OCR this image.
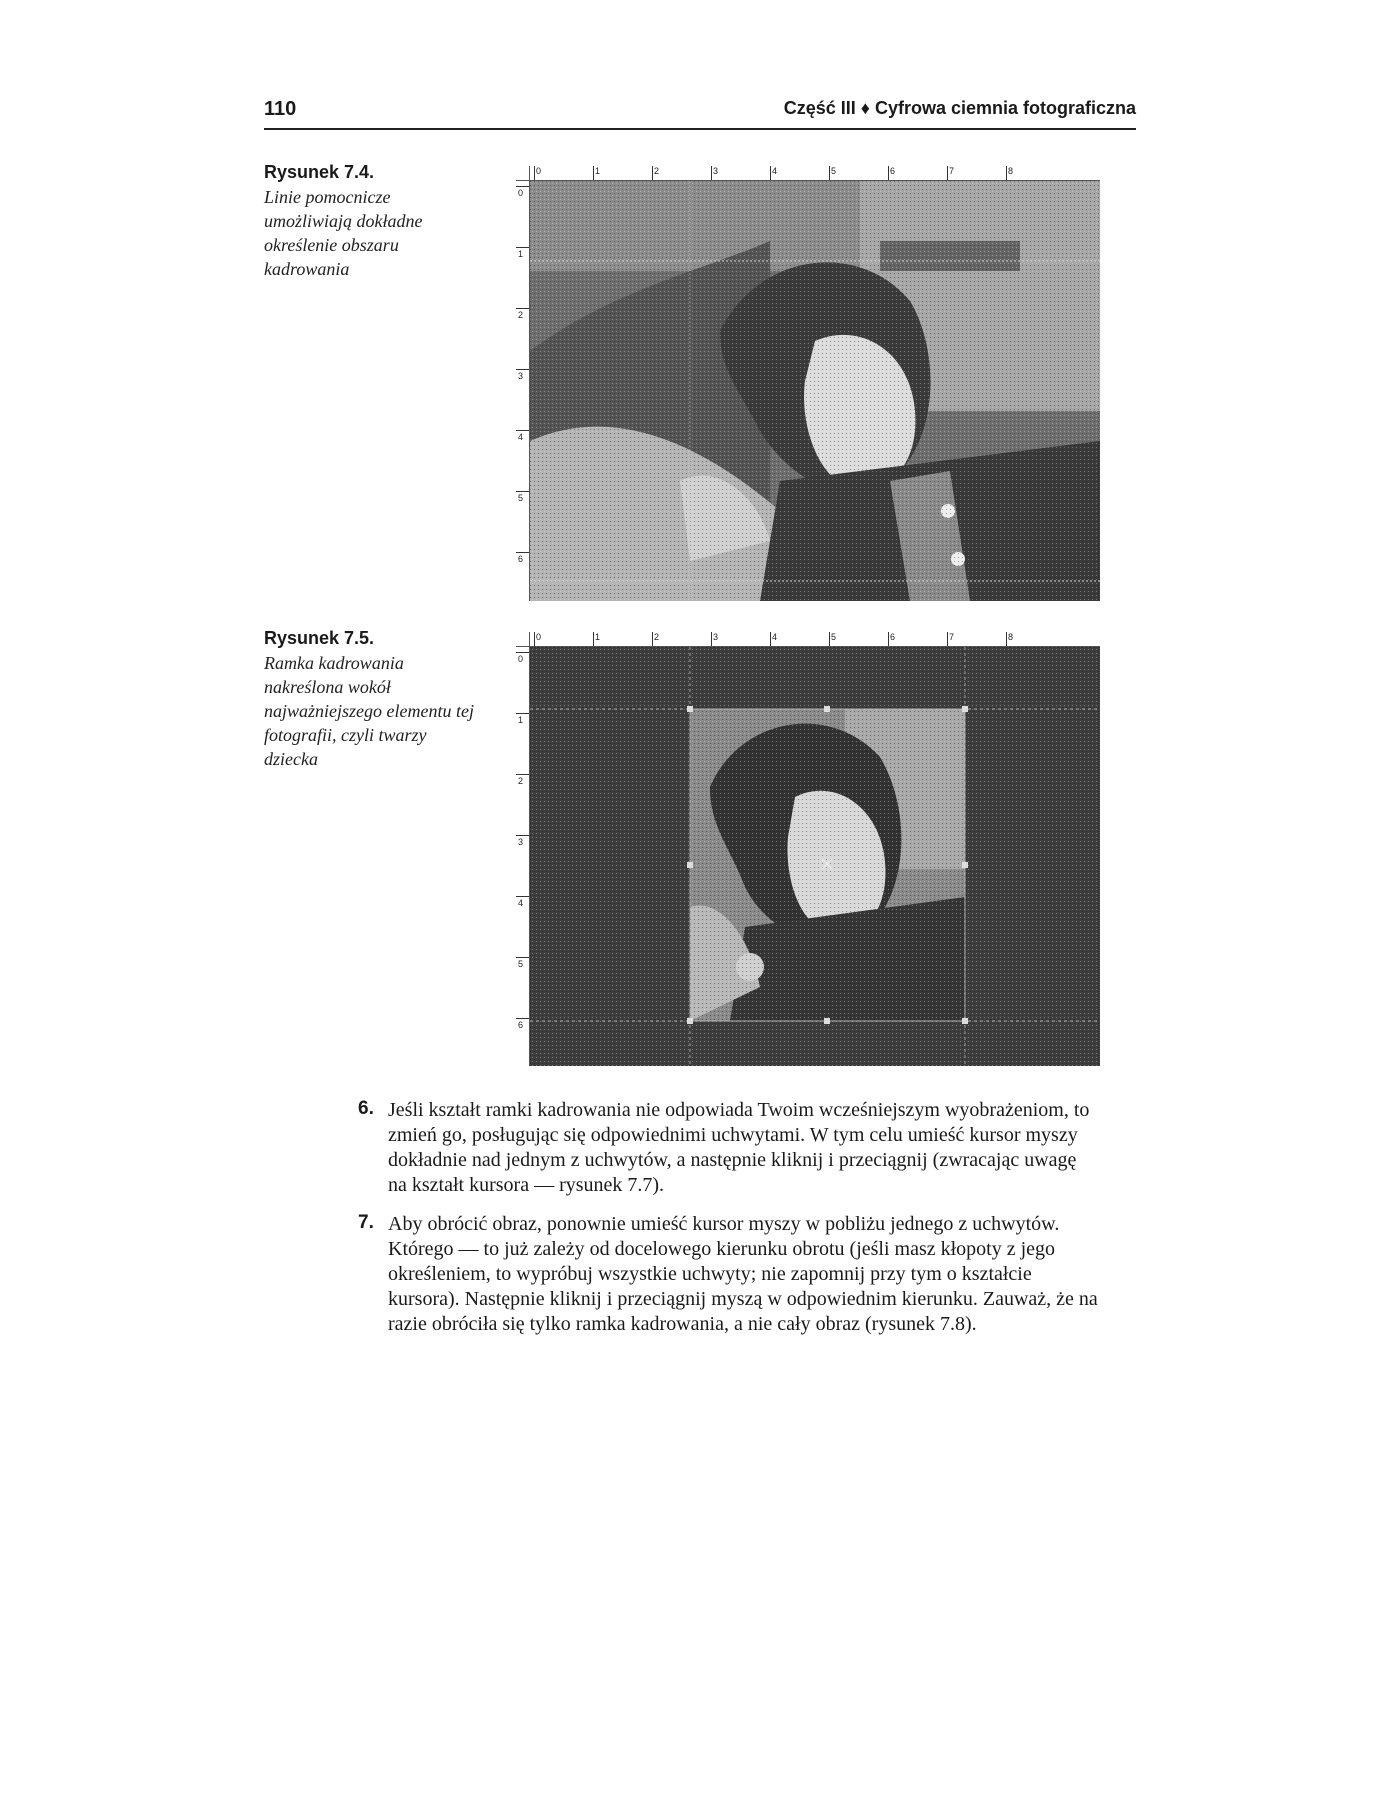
110	Część III ♦ Cyfrowa ciemnia fotograficzna
Rysunek 7.4.
Linie pomocnicze umożliwiają dokładne określenie obszaru kadrowania
0	1	2	3	4	5	6	7	8
0
1
2
3
4
5
6
Rysunek 7.5.
Ramka kadrowania nakreślona wokół najważniejszego elementu tej fotografii, czyli twarzy dziecka
0	1	2	3	4	5	6	7	8
0
1
2
3
4
5
6
6. Jeśli kształt ramki kadrowania nie odpowiada Twoim wcześniejszym wyobrażeniom, to zmień go, posługując się odpowiednimi uchwytami. W tym celu umieść kursor myszy dokładnie nad jednym z uchwytów, a następnie kliknij i przeciągnij (zwracając uwagę na kształt kursora — rysunek 7.7).
7. Aby obrócić obraz, ponownie umieść kursor myszy w pobliżu jednego z uchwytów. Którego — to już zależy od docelowego kierunku obrotu (jeśli masz kłopoty z jego określeniem, to wypróbuj wszystkie uchwyty; nie zapomnij przy tym o kształcie kursora). Następnie kliknij i przeciągnij myszą w odpowiednim kierunku. Zauważ, że na razie obróciła się tylko ramka kadrowania, a nie cały obraz (rysunek 7.8).
